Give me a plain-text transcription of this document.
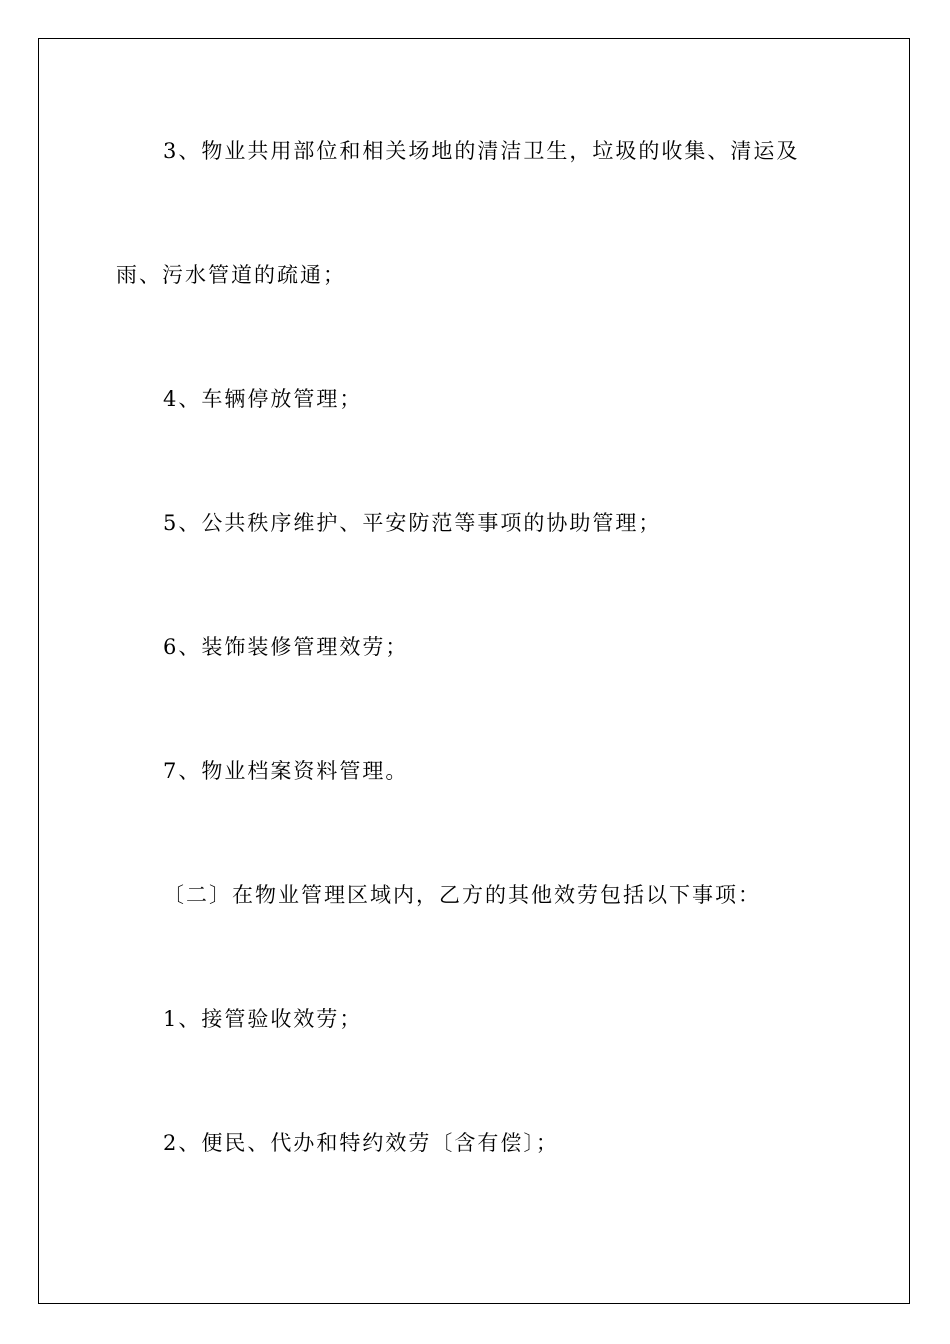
3、物业共用部位和相关场地的清洁卫生，垃圾的收集、清运及
雨、污水管道的疏通；
4、车辆停放管理；
5、公共秩序维护、平安防范等事项的协助管理；
6、装饰装修管理效劳；
7、物业档案资料管理。
〔二〕在物业管理区域内，乙方的其他效劳包括以下事项：
1、接管验收效劳；
2、便民、代办和特约效劳〔含有偿〕；
